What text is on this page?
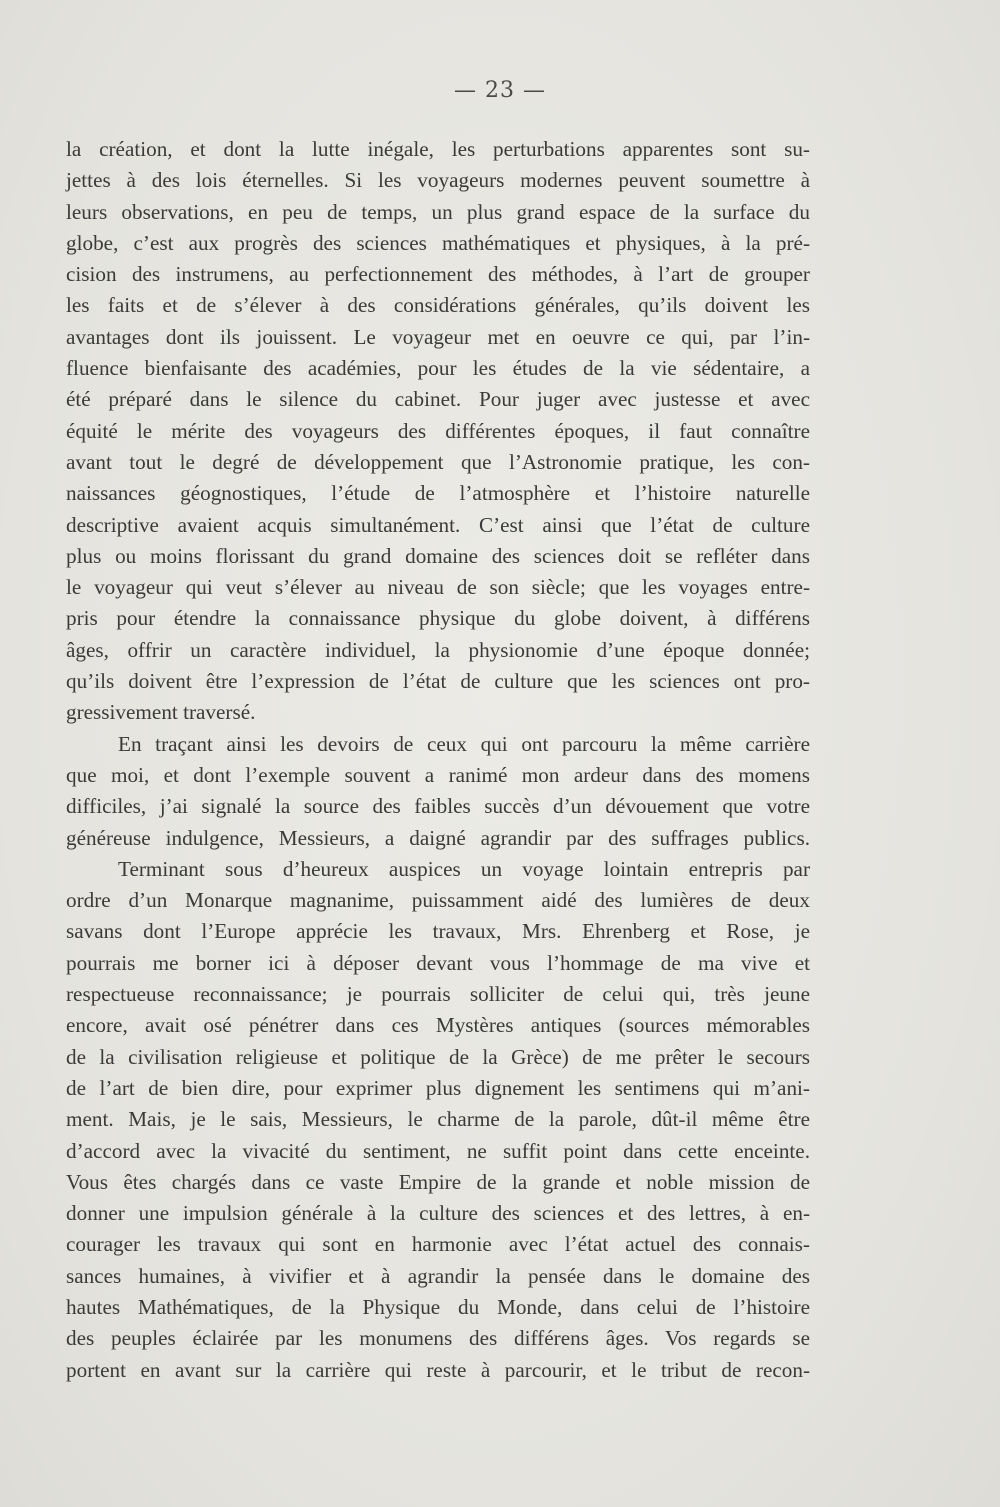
— 23 —
la création, et dont la lutte inégale, les perturbations apparentes sont su-
jettes à des lois éternelles. Si les voyageurs modernes peuvent soumettre à
leurs observations, en peu de temps, un plus grand espace de la surface du
globe, c’est aux progrès des sciences mathématiques et physiques, à la pré-
cision des instrumens, au perfectionnement des méthodes, à l’art de grouper
les faits et de s’élever à des considérations générales, qu’ils doivent les
avantages dont ils jouissent. Le voyageur met en oeuvre ce qui, par l’in-
fluence bienfaisante des académies, pour les études de la vie sédentaire, a
été préparé dans le silence du cabinet. Pour juger avec justesse et avec
équité le mérite des voyageurs des différentes époques, il faut connaître
avant tout le degré de développement que l’Astronomie pratique, les con-
naissances géognostiques, l’étude de l’atmosphère et l’histoire naturelle
descriptive avaient acquis simultanément. C’est ainsi que l’état de culture
plus ou moins florissant du grand domaine des sciences doit se refléter dans
le voyageur qui veut s’élever au niveau de son siècle; que les voyages entre-
pris pour étendre la connaissance physique du globe doivent, à différens
âges, offrir un caractère individuel, la physionomie d’une époque donnée;
qu’ils doivent être l’expression de l’état de culture que les sciences ont pro-
gressivement traversé.
En traçant ainsi les devoirs de ceux qui ont parcouru la même carrière
que moi, et dont l’exemple souvent a ranimé mon ardeur dans des momens
difficiles, j’ai signalé la source des faibles succès d’un dévouement que votre
généreuse indulgence, Messieurs, a daigné agrandir par des suffrages publics.
Terminant sous d’heureux auspices un voyage lointain entrepris par
ordre d’un Monarque magnanime, puissamment aidé des lumières de deux
savans dont l’Europe apprécie les travaux, Mrs. Ehrenberg et Rose, je
pourrais me borner ici à déposer devant vous l’hommage de ma vive et
respectueuse reconnaissance; je pourrais solliciter de celui qui, très jeune
encore, avait osé pénétrer dans ces Mystères antiques (sources mémorables
de la civilisation religieuse et politique de la Grèce) de me prêter le secours
de l’art de bien dire, pour exprimer plus dignement les sentimens qui m’ani-
ment. Mais, je le sais, Messieurs, le charme de la parole, dût-il même être
d’accord avec la vivacité du sentiment, ne suffit point dans cette enceinte.
Vous êtes chargés dans ce vaste Empire de la grande et noble mission de
donner une impulsion générale à la culture des sciences et des lettres, à en-
courager les travaux qui sont en harmonie avec l’état actuel des connais-
sances humaines, à vivifier et à agrandir la pensée dans le domaine des
hautes Mathématiques, de la Physique du Monde, dans celui de l’histoire
des peuples éclairée par les monumens des différens âges. Vos regards se
portent en avant sur la carrière qui reste à parcourir, et le tribut de recon-
